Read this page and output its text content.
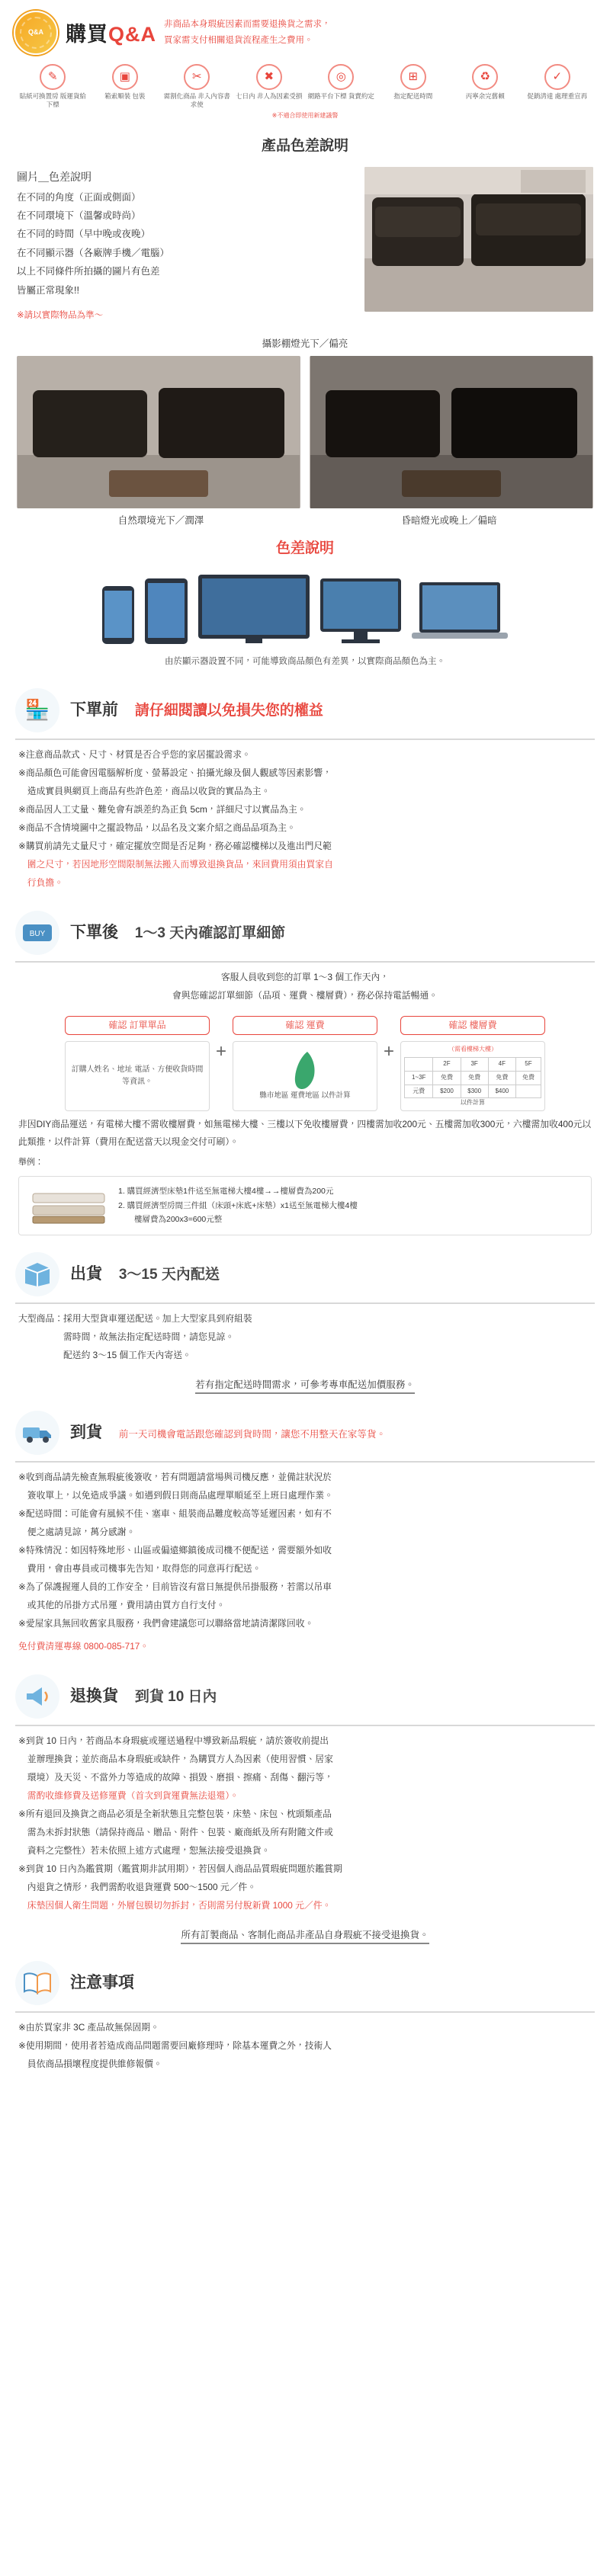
Q&A 購買Q&A 非商品本身瑕疵因素而需要退換貨之需求，
買家需支付相關退貨流程產生之費用。
✎
貼紙可換置房 版運貨給下標
▣
箱索順裝 包裝
✂
需割化商品 非入內容書求使
✖
七日內 非人為因素受損
◎
網路平台下標 貨賣約定
⊞
指定配送時間
♻
丙寧余完舊賴
✓
促銷清達 處理重宣再
※不適合即使用新建議警
產品色差說明
圖片＿色差說明
在不同的角度（正面或側面）
在不同環境下（溫馨或時尚）
在不同的時間（早中晚或夜晚）
在不同顯示器（各廠牌手機／電腦）
以上不同條件所拍攝的圖片有色差
皆屬正常現象!!
※請以實際物品為準～
攝影棚燈光下／偏亮
自然環境光下／潤澤	昏暗燈光或晚上／偏暗
色差說明
由於顯示器設置不同，可能導致商品顏色有差異，以實際商品顏色為主。
🏪	下單前 請仔細閱讀以免損失您的權益

※注意商品款式、尺寸、材質是否合乎您的家居擺設需求。

※商品顏色可能會因電腦解析度、螢幕設定、拍攝光線及個人觀感等因素影響，

　造成實員與網頁上商品有些許色差，商品以收貨的實品為主。

※商品因人工丈量、難免會有誤差約為正負 5cm，詳細尺寸以實品為主。

※商品不含情境圖中之擺設物品，以品名及文案介紹之商品品項為主。

※購買前請先丈量尺寸，確定擺放空間是否足夠，務必確認樓梯以及進出門尺範

　圍之尺寸，若因地形空間限制無法搬入而導致退換貨品，來回費用須由買家自

　行負擔。

BUY 下單後 1～3 天內確認訂單細節

客服人員收到您的訂單 1～3 個工作天內，

會與您確認訂單細節（品項、運費、樓層費），務必保持電話暢通。

確認 訂單單品
訂購人姓名、地址 電話、方便收貨時間 等資訊。
+
確認 運費
縣市地區 運費地區 以件計算
+
確認 樓層費
（需看樓梯大樓）
	2F	3F	4F	5F
1~3F	免費	免費	免費	免費
元費	$200	$300	$400	
以件計算

非因DIY商品運送，有電梯大樓不需收樓層費，如無電梯大樓、三樓以下免收樓層費，四樓需加收200元、五樓需加收300元，六樓需加收400元以此類推，以件計算（費用在配送當天以現金交付可刷）。

舉例：
1. 購買經濟型床墊1件送至無電梯大樓4樓→→樓層費為200元
2. 購買經濟型房間三件組（床頭+床底+床墊）x1送至無電梯大樓4樓
　　樓層費為200x3=600元整
出貨 3～15 天內配送

大型商品：採用大型貨車運送配送。加上大型家具到府組裝

　　　　　需時間，故無法指定配送時間，請您見諒。

　　　　　配送約 3～15 個工作天內寄送。

若有指定配送時間需求，可參考專車配送加價服務。
到貨 前一天司機會電話跟您確認到貨時間，讓您不用整天在家等貨。

※收到商品請先檢查無瑕疵後簽收，若有問題請當場與司機反應，並備註狀況於

　簽收單上，以免造成爭議。如遇到假日則商品處理單順延至上班日處理作業。

※配送時間：可能會有風候不佳、塞車、組裝商品難度較高等延遲因素，如有不

　便之處請見諒，萬分感謝。

※特殊情況：如因特殊地形、山區或偏遠鄉鎮後成司機不便配送，需要額外如收

　費用，會由專員或司機事先告知，取得您的同意再行配送。

※為了保護握運人員的工作安全，目前皆沒有當日無提供吊掛服務，若需以吊車

　或其他的吊掛方式吊運，費用請由買方自行支付。

※愛屋家具無回收舊家具服務，我們會建議您可以聯絡當地請清潔隊回收。

免付費清運專線 0800-085-717。

退換貨 到貨 10 日內

※到貨 10 日內，若商品本身瑕疵或運送過程中導致新品瑕疵，請於簽收前提出

　並辦理換貨；並於商品本身瑕疵或缺件，為購買方人為因素（使用習慣、居家

　環境）及天災、不當外力等造成的故障、損毀、磨損、擦痛、刮傷、翻污等，

　需酌收維修費及送修運費（首次到貨運費無法退還）。

※所有退回及換貨之商品必須是全新狀態且完整包裝，床墊、床包、枕頭類產品

　需為未拆封狀態（請保持商品、贈品、附件、包裝、廠商紙及所有附隨文件或

　資料之完整性）若未依照上述方式處理，恕無法接受退換貨。

※到貨 10 日內為鑑賞期（鑑賞期非試用期），若因個人商品品質瑕疵問題於鑑賞期

　內退貨之情形，我們需酌收退貨運費 500～1500 元／件。

　床墊因個人衛生問題，外層包膜切勿拆封，否則需另付脫新費 1000 元／件。

所有訂製商品、客制化商品非產品自身瑕疵不接受退換貨。
注意事項

※由於買家非 3C 產品故無保固期。

※使用期間，使用者若造成商品問題需要回廠修理時，除基本運費之外，技術人

　員依商品損壞程度提供維修報價。
